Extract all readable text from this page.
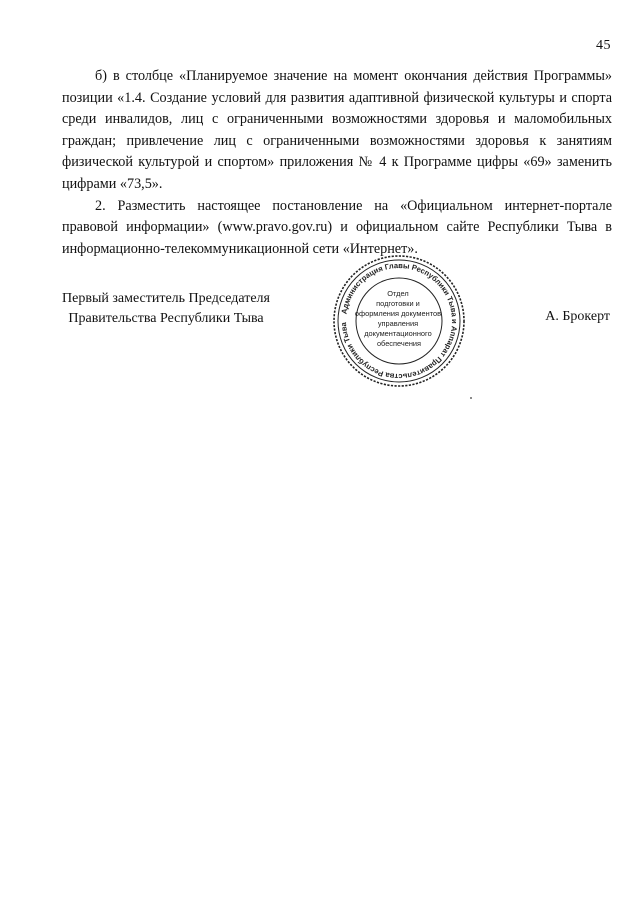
45

б) в столбце «Планируемое значение на момент окончания действия Программы» позиции «1.4. Создание условий для развития адаптивной физической культуры и спорта среди инвалидов, лиц с ограниченными возможностями здоровья и маломобильных граждан; привлечение лиц с ограниченными возможностями здоровья к занятиям физической культурой и спортом» приложения № 4 к Программе цифры «69» заменить цифрами «73,5».

2. Разместить настоящее постановление на «Официальном интернет-портале правовой информации» (www.pravo.gov.ru) и официальном сайте Республики Тыва в информационно-телекоммуникационной сети «Интернет».

Первый заместитель Председателя
Правительства Республики Тыва	Администрация Главы Республики Тыва и Аппарат Правительства Республики Тыва
Отдел подготовки и оформления документов управления документационного обеспечения
А. Брокерт
